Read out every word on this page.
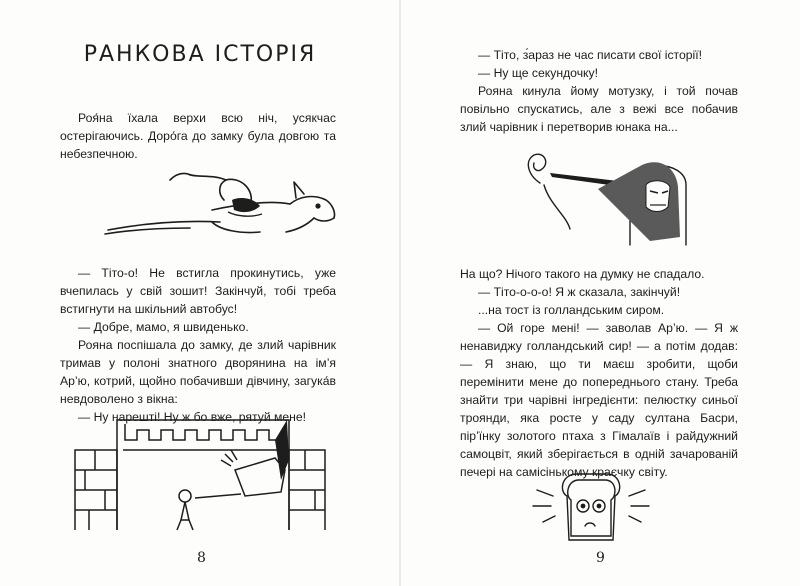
РАНКОВА ІСТОРІЯ

Роя́на їхала верхи всю ніч, усякчас остерігаючись. Доро́га до замку була довгою та небезпечною.

— Тіто-о! Не встигла прокинутись, уже вчепилась у свій зошит! Закінчуй, тобі треба встигнути на шкільний автобус!

— Добре, мамо, я швиденько.

Рояна поспішала до замку, де злий чарівник тримав у полоні знатного дворянина на ім’я Ар’ю, котрий, щойно побачивши дівчину, загука́в невдоволено з вікна:

— Ну нарешті! Ну ж бо вже, рятуй мене!

8

— Тіто, з́араз не час писати свої історії!

— Ну ще секундочку!

Рояна кинула йому мотузку, і той почав повільно спускатись, але з вежі все побачив злий чарівник і перетворив юнака на...

На що? Нічого такого на думку не спадало.

— Тіто-о-о-о! Я ж сказала, закінчуй!

...на тост із голландським сиром.

— Ой горе мені! — заволав Ар’ю. — Я ж ненавиджу голландський сир! — а потім додав: — Я знаю, що ти маєш зробити, щоби перемінити мене до попереднього стану. Треба знайти три чарівні інгредієнти: пелюстку синьої троянди, яка росте у саду султана Басри, пір’їнку золотого птаха з Гімалаїв і райдужний самоцвіт, який зберігається в одній зачарованій печері на самісінькому краєчку світу.

9
